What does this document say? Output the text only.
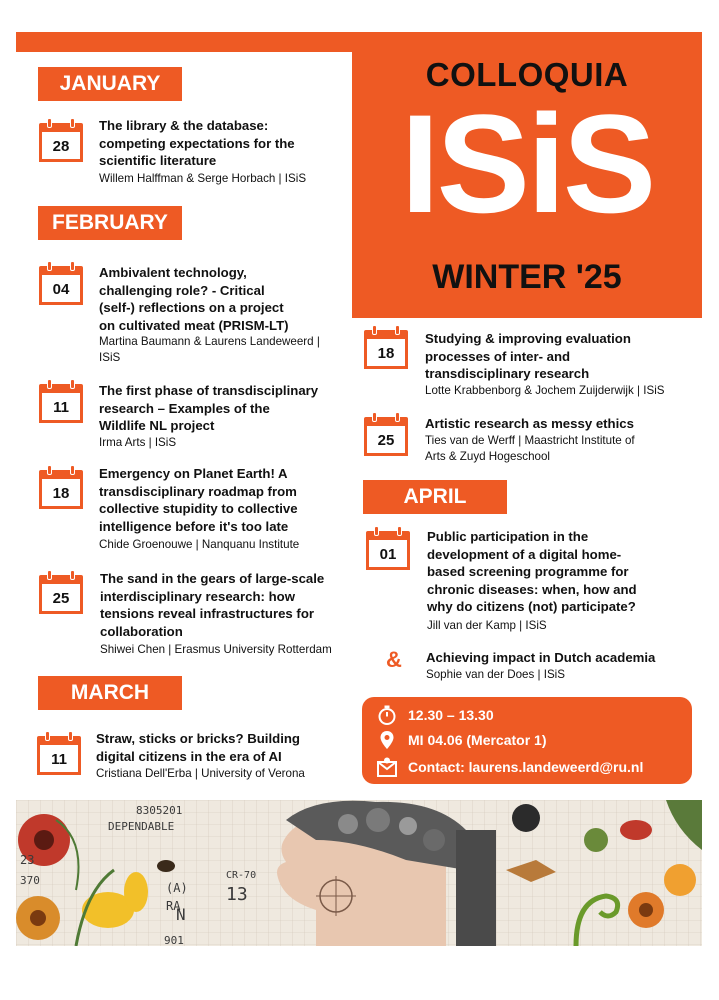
COLLOQUIA
ISiS
WINTER '25
JANUARY
FEBRUARY
MARCH
APRIL
28
The library & the database:
competing expectations for the
scientific literature
Willem Halffman & Serge Horbach | ISiS
04
Ambivalent technology,
challenging role? - Critical
(self-) reflections on a project
on cultivated meat (PRISM-LT)
Martina Baumann & Laurens Landeweerd |
ISiS
11
The first phase of transdisciplinary
research – Examples of the
Wildlife NL project
Irma Arts | ISiS
18
Emergency on Planet Earth! A
transdisciplinary roadmap from
collective stupidity to collective
intelligence before it's too late
Chide Groenouwe | Nanquanu Institute
25
The sand in the gears of large-scale
interdisciplinary research: how
tensions reveal infrastructures for
collaboration
Shiwei Chen | Erasmus University Rotterdam
18
Studying & improving evaluation
processes of inter- and
transdisciplinary research
Lotte Krabbenborg & Jochem Zuijderwijk | ISiS
25
Artistic research as messy ethics
Ties van de Werff | Maastricht Institute of
Arts & Zuyd Hogeschool
01
Public participation in the
development of a digital home-
based screening programme for
chronic diseases: when, how and
why do citizens (not) participate?
Jill van der Kamp | ISiS
& Achieving impact in Dutch academia
Sophie van der Does | ISiS
11
Straw, sticks or bricks? Building
digital citizens in the era of AI
Cristiana Dell'Erba | University of Verona
12.30 – 13.30
MI 04.06 (Mercator 1)
Contact: laurens.landeweerd@ru.nl
DEPENDABLE
8305201
(A)
RA
13
N
CR-70
901
23
370
